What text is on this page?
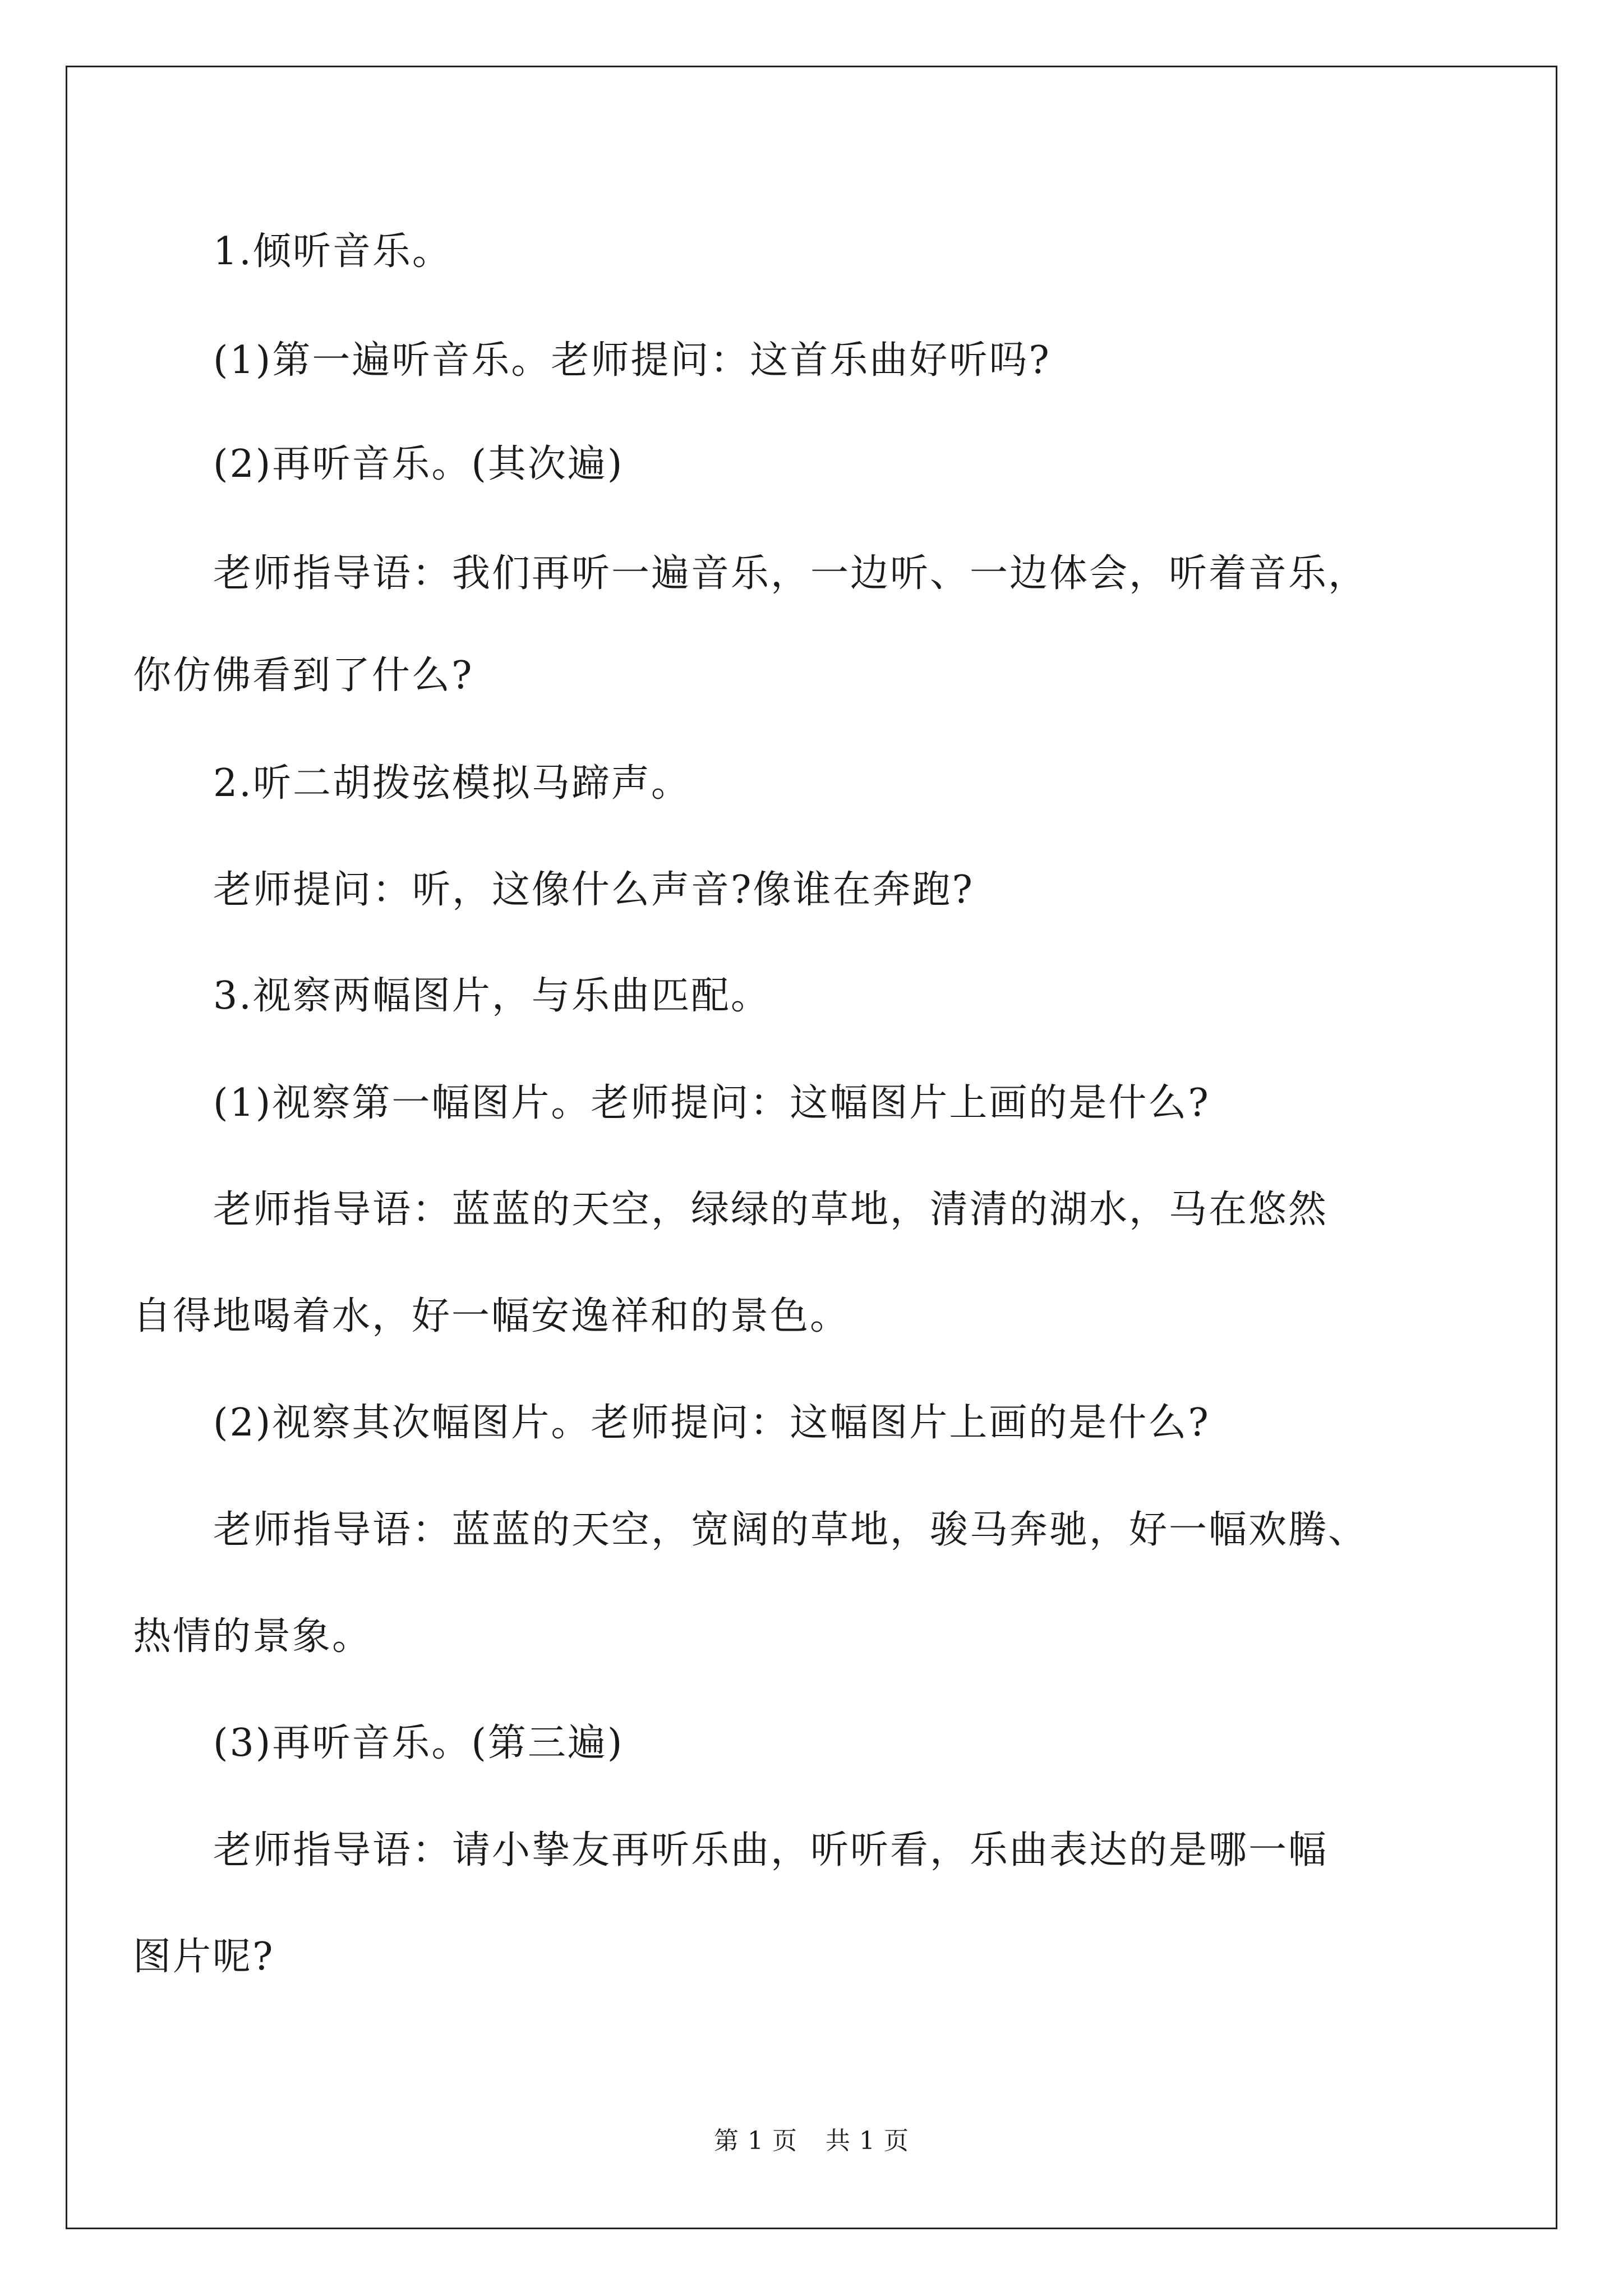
1.倾听音乐。
(1)第一遍听音乐。老师提问：这首乐曲好听吗?
(2)再听音乐。(其次遍)
老师指导语：我们再听一遍音乐，一边听、一边体会，听着音乐，
你仿佛看到了什么?
2.听二胡拨弦模拟马蹄声。
老师提问：听，这像什么声音?像谁在奔跑?
3.视察两幅图片，与乐曲匹配。
(1)视察第一幅图片。老师提问：这幅图片上画的是什么?
老师指导语：蓝蓝的天空，绿绿的草地，清清的湖水，马在悠然
自得地喝着水，好一幅安逸祥和的景色。
(2)视察其次幅图片。老师提问：这幅图片上画的是什么?
老师指导语：蓝蓝的天空，宽阔的草地，骏马奔驰，好一幅欢腾、
热情的景象。
(3)再听音乐。(第三遍)
老师指导语：请小挚友再听乐曲，听听看，乐曲表达的是哪一幅
图片呢?
第 1 页 共 1 页
